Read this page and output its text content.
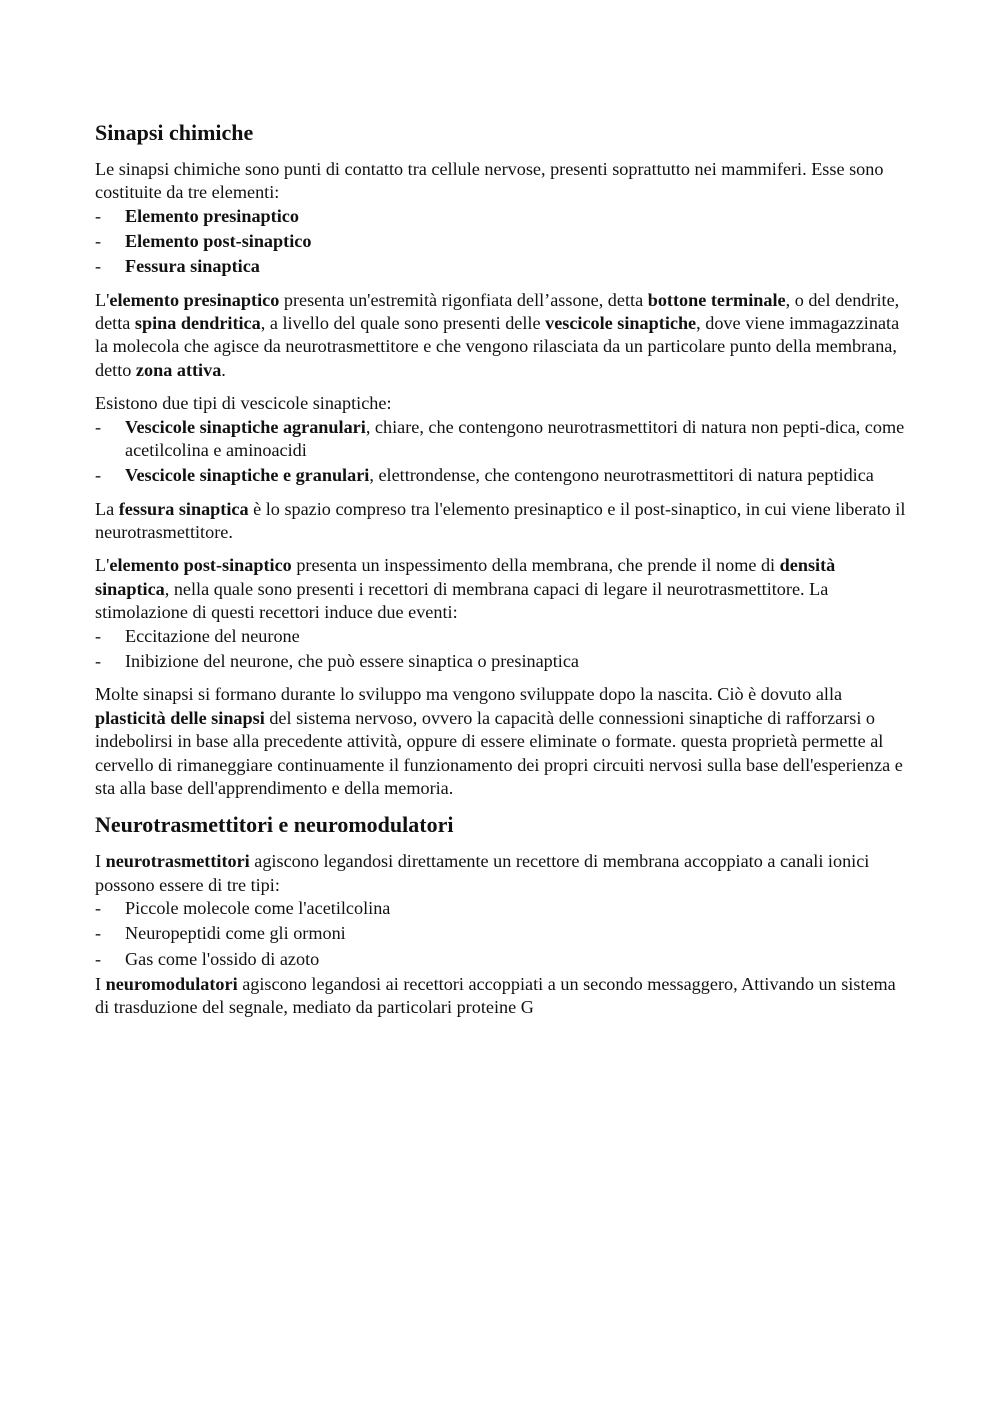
Sinapsi chimiche

Le sinapsi chimiche sono punti di contatto tra cellule nervose, presenti soprattutto nei mammiferi. Esse sono costituite da tre elementi:

- Elemento presinaptico
- Elemento post-sinaptico
- Fessura sinaptica

L'elemento presinaptico presenta un'estremità rigonfiata dell’assone, detta bottone terminale, o del dendrite, detta spina dendritica, a livello del quale sono presenti delle vescicole sinaptiche, dove viene immagazzinata la molecola che agisce da neurotrasmettitore e che vengono rilasciata da un particolare punto della membrana, detto zona attiva.

Esistono due tipi di vescicole sinaptiche:

- Vescicole sinaptiche agranulari, chiare, che contengono neurotrasmettitori di natura non pepti-dica, come acetilcolina e aminoacidi
- Vescicole sinaptiche e granulari, elettrondense, che contengono neurotrasmettitori di natura peptidica

La fessura sinaptica è lo spazio compreso tra l'elemento presinaptico e il post-sinaptico, in cui viene liberato il neurotrasmettitore.

L'elemento post-sinaptico presenta un inspessimento della membrana, che prende il nome di densità sinaptica, nella quale sono presenti i recettori di membrana capaci di legare il neurotrasmettitore. La stimolazione di questi recettori induce due eventi:

- Eccitazione del neurone
- Inibizione del neurone, che può essere sinaptica o presinaptica

Molte sinapsi si formano durante lo sviluppo ma vengono sviluppate dopo la nascita. Ciò è dovuto alla plasticità delle sinapsi del sistema nervoso, ovvero la capacità delle connessioni sinaptiche di rafforzarsi o indebolirsi in base alla precedente attività, oppure di essere eliminate o formate. questa proprietà permette al cervello di rimaneggiare continuamente il funzionamento dei propri circuiti nervosi sulla base dell'esperienza e sta alla base dell'apprendimento e della memoria.

Neurotrasmettitori e neuromodulatori

I neurotrasmettitori agiscono legandosi direttamente un recettore di membrana accoppiato a canali ionici possono essere di tre tipi:

- Piccole molecole come l'acetilcolina
- Neuropeptidi come gli ormoni
- Gas come l'ossido di azoto

I neuromodulatori agiscono legandosi ai recettori accoppiati a un secondo messaggero, Attivando un sistema di trasduzione del segnale, mediato da particolari proteine G
